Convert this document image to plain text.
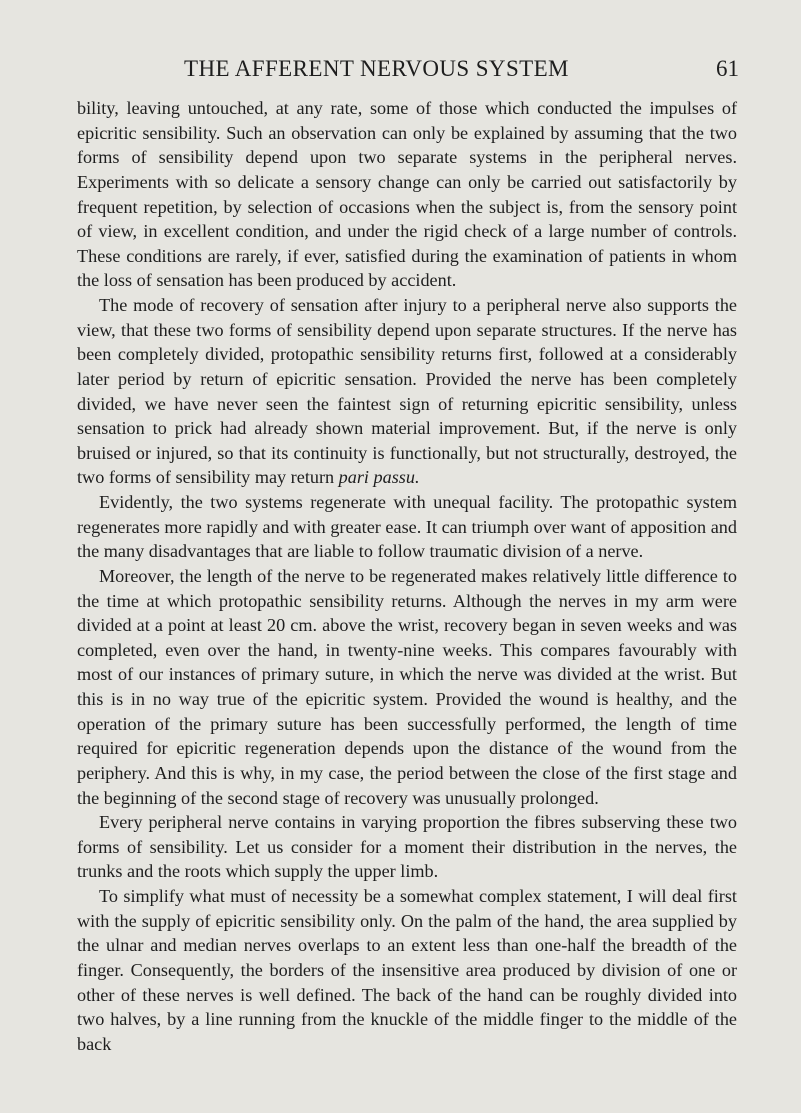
THE AFFERENT NERVOUS SYSTEM	61

bility, leaving untouched, at any rate, some of those which conducted the impulses of epicritic sensibility. Such an observation can only be explained by assuming that the two forms of sensibility depend upon two separate systems in the peripheral nerves. Experiments with so delicate a sensory change can only be carried out satisfactorily by frequent repetition, by selection of occasions when the subject is, from the sensory point of view, in excellent condition, and under the rigid check of a large number of controls. These conditions are rarely, if ever, satisfied during the examination of patients in whom the loss of sensation has been produced by accident.

The mode of recovery of sensation after injury to a peripheral nerve also supports the view, that these two forms of sensibility depend upon separate structures. If the nerve has been completely divided, protopathic sensibility returns first, followed at a considerably later period by return of epicritic sensation. Provided the nerve has been completely divided, we have never seen the faintest sign of returning epicritic sensibility, unless sensation to prick had already shown material improvement. But, if the nerve is only bruised or injured, so that its continuity is functionally, but not structurally, destroyed, the two forms of sensibility may return pari passu.

Evidently, the two systems regenerate with unequal facility. The protopathic system regenerates more rapidly and with greater ease. It can triumph over want of apposition and the many disadvantages that are liable to follow traumatic division of a nerve.

Moreover, the length of the nerve to be regenerated makes relatively little difference to the time at which protopathic sensibility returns. Although the nerves in my arm were divided at a point at least 20 cm. above the wrist, recovery began in seven weeks and was completed, even over the hand, in twenty-nine weeks. This compares favourably with most of our instances of primary suture, in which the nerve was divided at the wrist. But this is in no way true of the epicritic system. Provided the wound is healthy, and the operation of the primary suture has been successfully performed, the length of time required for epicritic regeneration depends upon the distance of the wound from the periphery. And this is why, in my case, the period between the close of the first stage and the beginning of the second stage of recovery was unusually prolonged.

Every peripheral nerve contains in varying proportion the fibres subserving these two forms of sensibility. Let us consider for a moment their distribution in the nerves, the trunks and the roots which supply the upper limb.

To simplify what must of necessity be a somewhat complex statement, I will deal first with the supply of epicritic sensibility only. On the palm of the hand, the area supplied by the ulnar and median nerves overlaps to an extent less than one-half the breadth of the finger. Consequently, the borders of the insensitive area produced by division of one or other of these nerves is well defined. The back of the hand can be roughly divided into two halves, by a line running from the knuckle of the middle finger to the middle of the back
